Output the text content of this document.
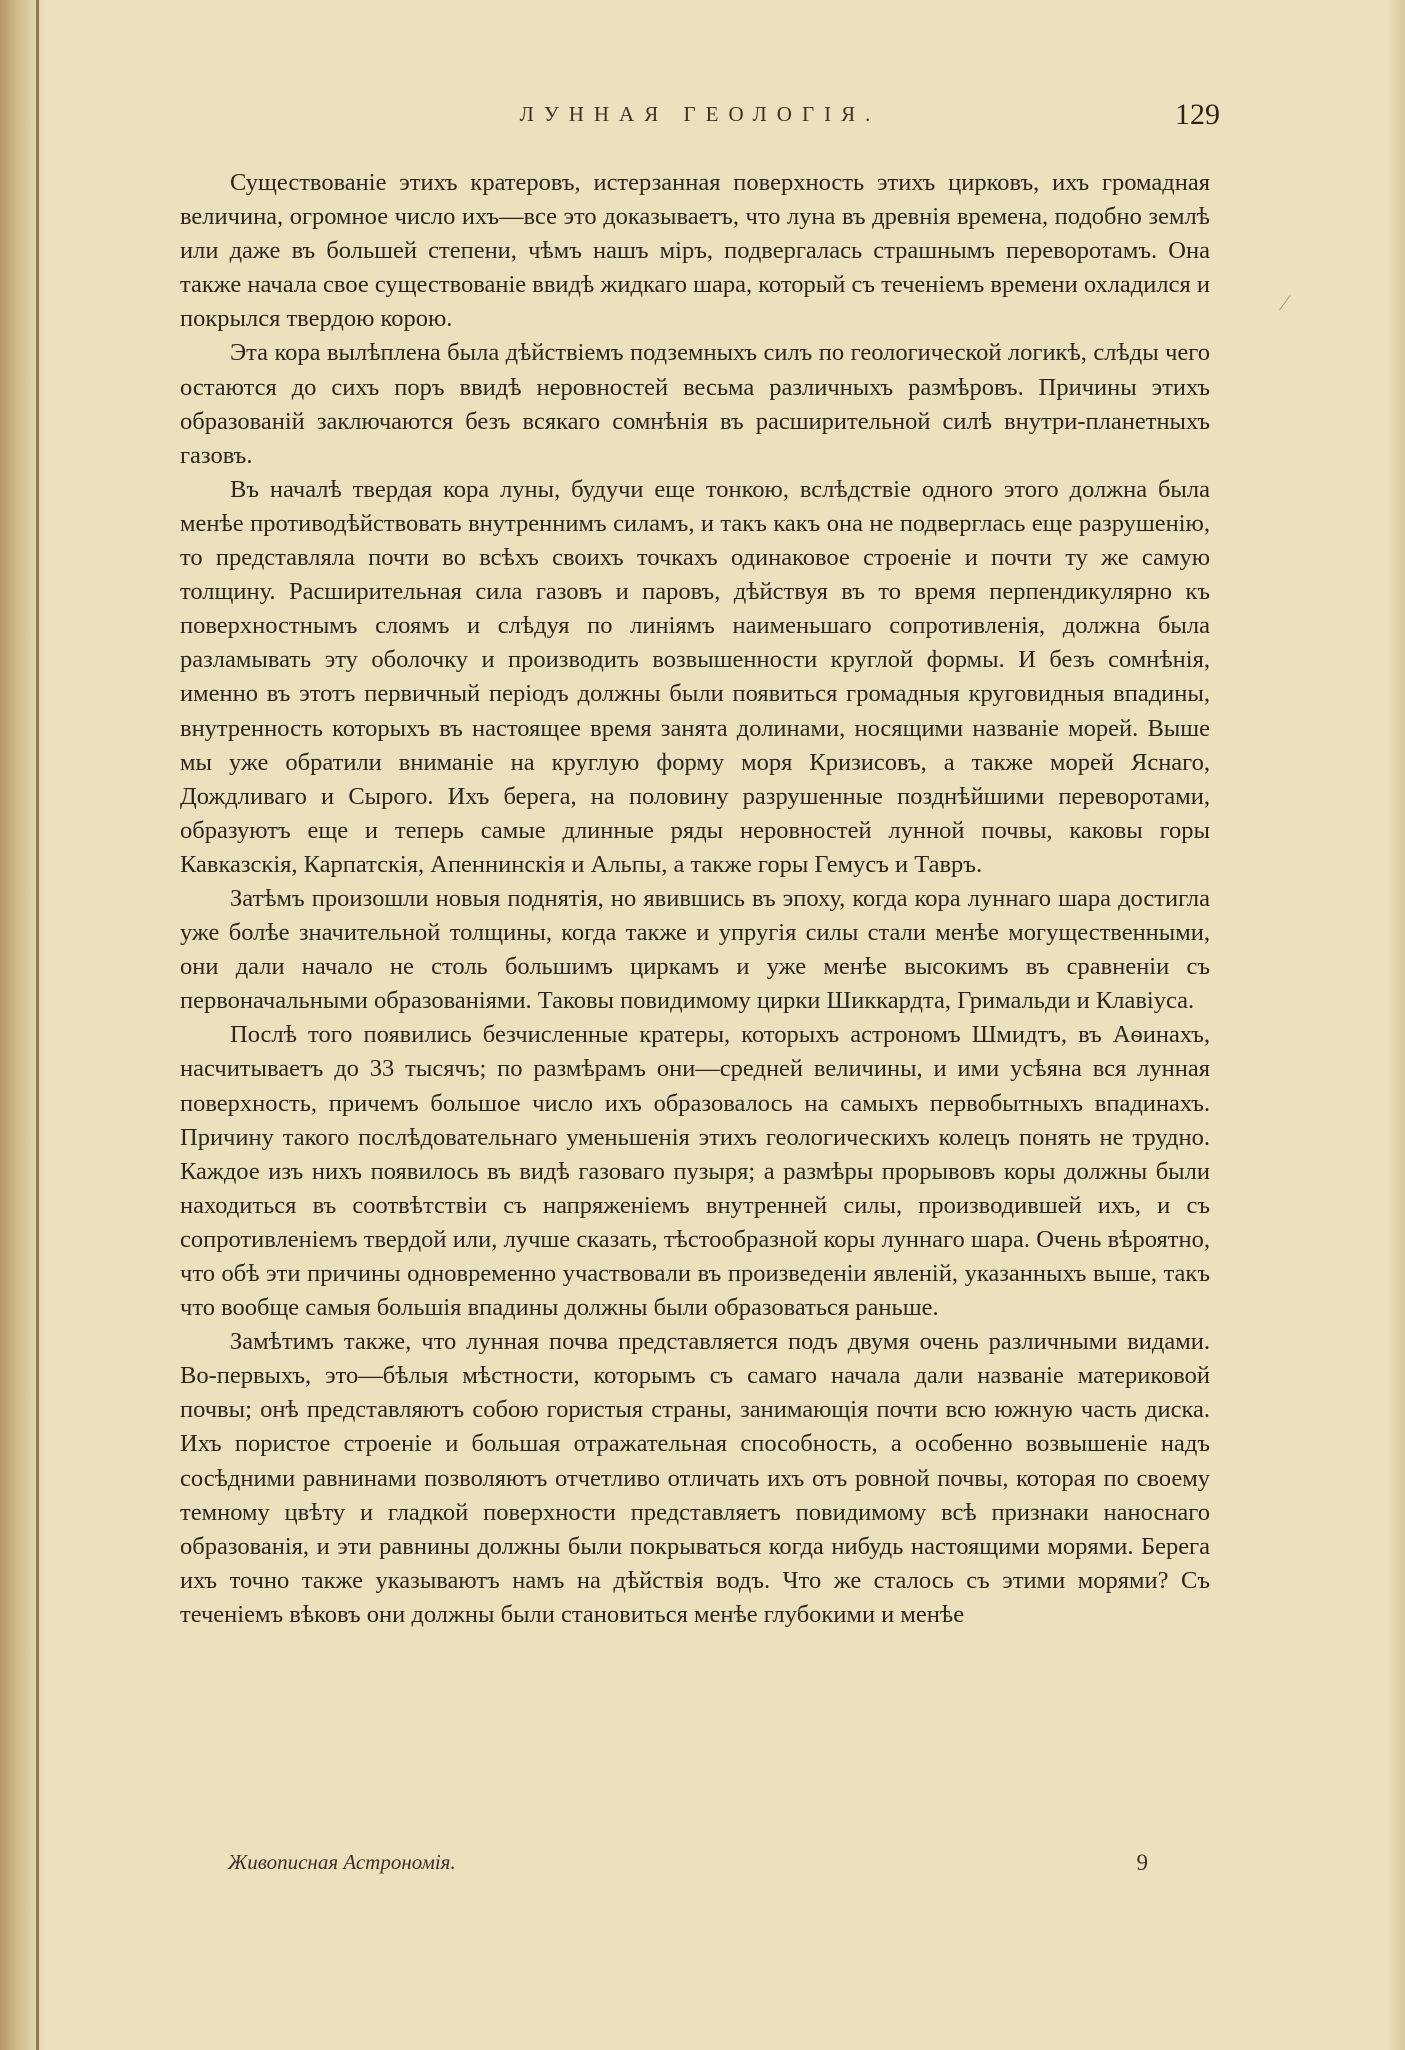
ЛУННАЯ ГЕОЛОГІЯ.	129
⁄

Существованіе этихъ кратеровъ, истерзанная поверхность этихъ цирковъ, ихъ громадная величина, огромное число ихъ—все это доказываетъ, что луна въ древнія времена, подобно землѣ или даже въ большей степени, чѣмъ нашъ міръ, подвергалась страшнымъ переворотамъ. Она также начала свое существованіе ввидѣ жидкаго шара, который съ теченіемъ времени охладился и покрылся твердою корою.

Эта кора вылѣплена была дѣйствіемъ подземныхъ силъ по геологической логикѣ, слѣды чего остаются до сихъ поръ ввидѣ неровностей весьма различныхъ размѣровъ. Причины этихъ образованій заключаются безъ всякаго сомнѣнія въ расширительной силѣ внутри-планетныхъ газовъ.

Въ началѣ твердая кора луны, будучи еще тонкою, вслѣдствіе одного этого должна была менѣе противодѣйствовать внутреннимъ силамъ, и такъ какъ она не подверглась еще разрушенію, то представляла почти во всѣхъ своихъ точкахъ одинаковое строеніе и почти ту же самую толщину. Расширительная сила газовъ и паровъ, дѣйствуя въ то время перпендикулярно къ поверхностнымъ слоямъ и слѣдуя по линіямъ наименьшаго сопротивленія, должна была разламывать эту оболочку и производить возвышенности круглой формы. И безъ сомнѣнія, именно въ этотъ первичный періодъ должны были появиться громадныя круговидныя впадины, внутренность которыхъ въ настоящее время занята долинами, носящими названіе морей. Выше мы уже обратили вниманіе на круглую форму моря Кризисовъ, а также морей Яснаго, Дождливаго и Сырого. Ихъ берега, на половину разрушенные позднѣйшими переворотами, образуютъ еще и теперь самые длинные ряды неровностей лунной почвы, каковы горы Кавказскія, Карпатскія, Апеннинскія и Альпы, а также горы Гемусъ и Тавръ.

Затѣмъ произошли новыя поднятія, но явившись въ эпоху, когда кора луннаго шара достигла уже болѣе значительной толщины, когда также и упругія силы стали менѣе могущественными, они дали начало не столь большимъ циркамъ и уже менѣе высокимъ въ сравненіи съ первоначальными образованіями. Таковы повидимому цирки Шиккардта, Гримальди и Клавіуса.

Послѣ того появились безчисленные кратеры, которыхъ астрономъ Шмидтъ, въ Аѳинахъ, насчитываетъ до 33 тысячъ; по размѣрамъ они—средней величины, и ими усѣяна вся лунная поверхность, причемъ большое число ихъ образовалось на самыхъ первобытныхъ впадинахъ. Причину такого послѣдовательнаго уменьшенія этихъ геологическихъ колецъ понять не трудно. Каждое изъ нихъ появилось въ видѣ газоваго пузыря; а размѣры прорывовъ коры должны были находиться въ соотвѣтствіи съ напряженіемъ внутренней силы, производившей ихъ, и съ сопротивленіемъ твердой или, лучше сказать, тѣстообразной коры луннаго шара. Очень вѣроятно, что обѣ эти причины одновременно участвовали въ произведеніи явленій, указанныхъ выше, такъ что вообще самыя большія впадины должны были образоваться раньше.

Замѣтимъ также, что лунная почва представляется подъ двумя очень различными видами. Во-первыхъ, это—бѣлыя мѣстности, которымъ съ самаго начала дали названіе материковой почвы; онѣ представляютъ собою гористыя страны, занимающія почти всю южную часть диска. Ихъ пористое строеніе и большая отражательная способность, а особенно возвышеніе надъ сосѣдними равнинами позволяютъ отчетливо отличать ихъ отъ ровной почвы, которая по своему темному цвѣту и гладкой поверхности представляетъ повидимому всѣ признаки наноснаго образованія, и эти равнины должны были покрываться когда нибудь настоящими морями. Берега ихъ точно также указываютъ намъ на дѣйствія водъ. Что же сталось съ этими морями? Съ теченіемъ вѣковъ они должны были становиться менѣе глубокими и менѣе

Живописная Астрономія.	9
